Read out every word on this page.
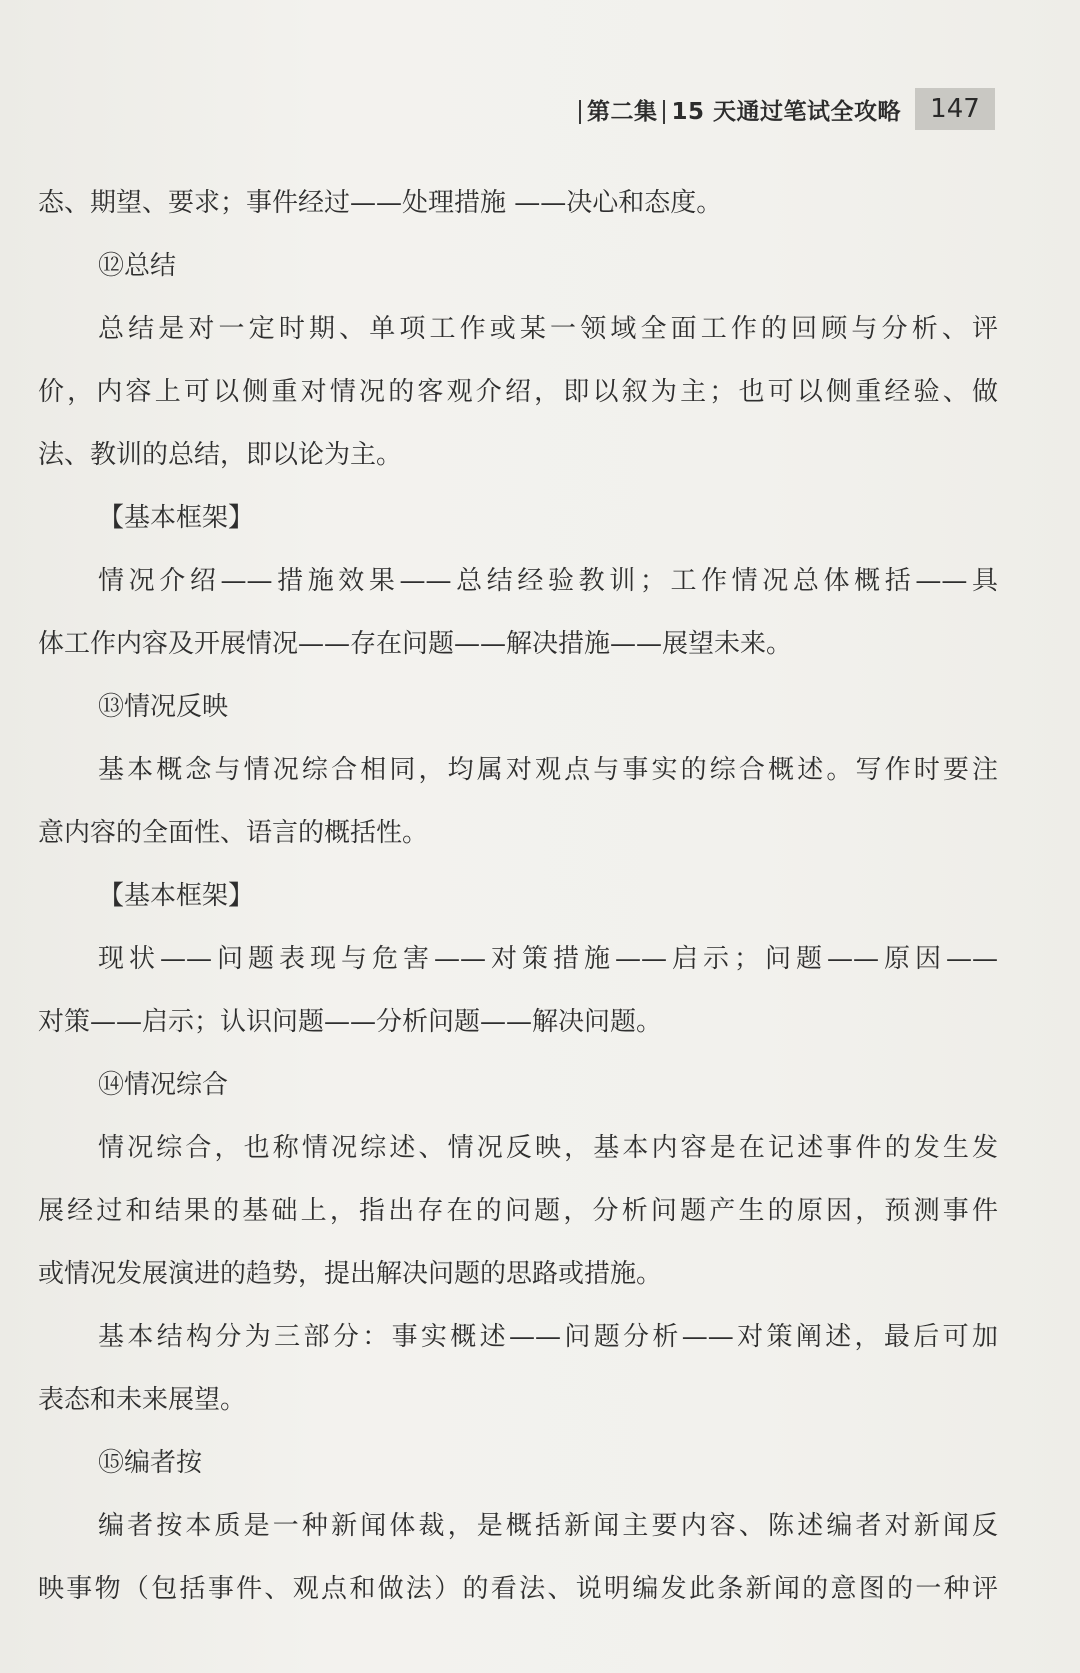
第二集 15 天通过笔试全攻略	147
态、期望、要求；事件经过——处理措施 ——决心和态度。
⑫总结
总结是对一定时期、单项工作或某一领域全面工作的回顾与分析、评
价，内容上可以侧重对情况的客观介绍，即以叙为主；也可以侧重经验、做
法、教训的总结，即以论为主。
【基本框架】
情况介绍——措施效果——总结经验教训；工作情况总体概括——具
体工作内容及开展情况——存在问题——解决措施——展望未来。
⑬情况反映
基本概念与情况综合相同，均属对观点与事实的综合概述。写作时要注
意内容的全面性、语言的概括性。
【基本框架】
现状——问题表现与危害——对策措施——启示；问题——原因——
对策——启示；认识问题——分析问题——解决问题。
⑭情况综合
情况综合，也称情况综述、情况反映，基本内容是在记述事件的发生发
展经过和结果的基础上，指出存在的问题，分析问题产生的原因，预测事件
或情况发展演进的趋势，提出解决问题的思路或措施。
基本结构分为三部分：事实概述——问题分析——对策阐述，最后可加
表态和未来展望。
⑮编者按
编者按本质是一种新闻体裁，是概括新闻主要内容、陈述编者对新闻反
映事物（包括事件、观点和做法）的看法、说明编发此条新闻的意图的一种评
